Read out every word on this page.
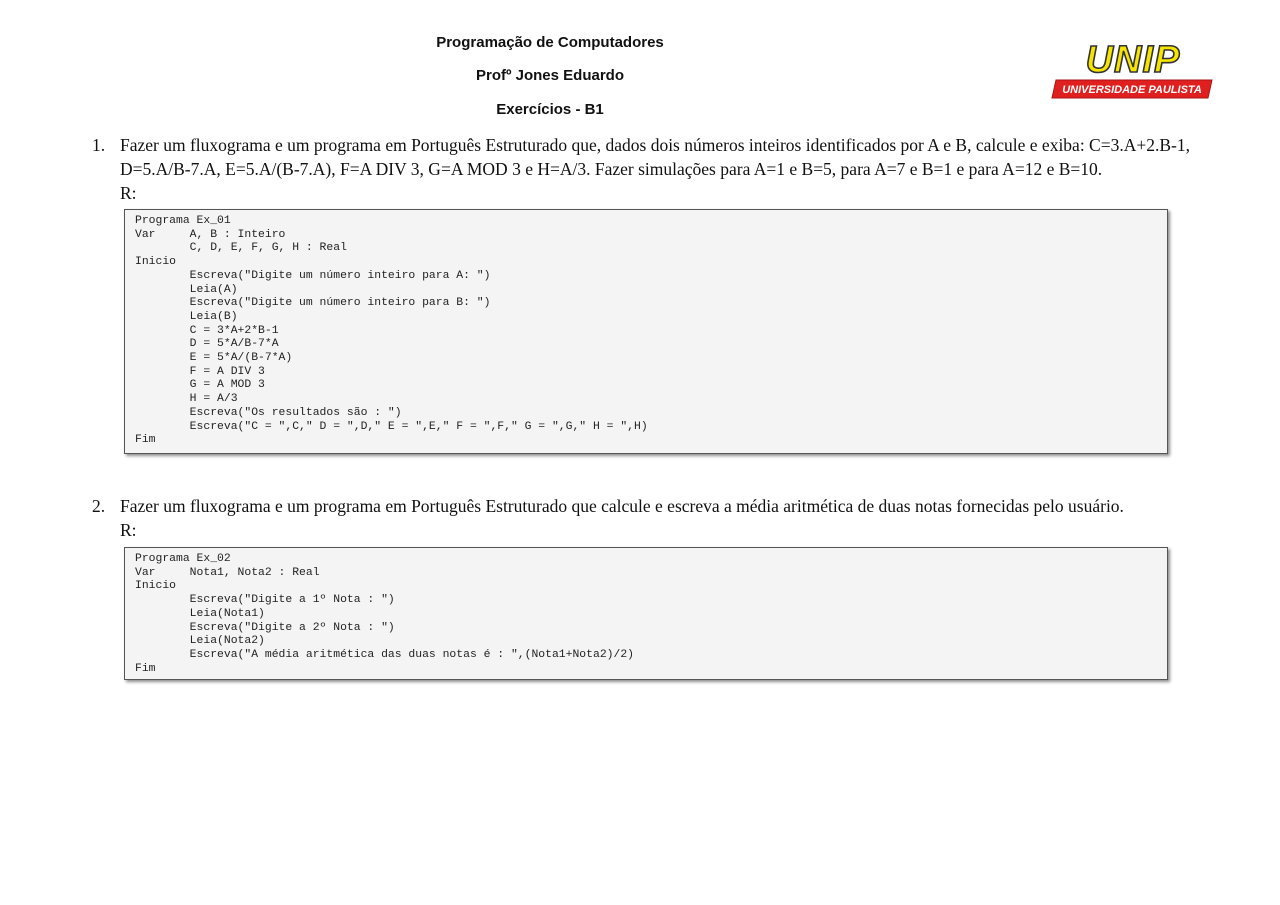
Programação de Computadores
Profº Jones Eduardo
Exercícios - B1
UNIP
UNIVERSIDADE PAULISTA
1. Fazer um fluxograma e um programa em Português Estruturado que, dados dois números inteiros identificados por A e B, calcule e exiba: C=3.A+2.B-1, D=5.A/B-7.A, E=5.A/(B-7.A), F=A DIV 3, G=A MOD 3 e H=A/3. Fazer simulações para A=1 e B=5, para A=7 e B=1 e para A=12 e B=10.
R:
Programa Ex_01
Var     A, B : Inteiro
C, D, E, F, G, H : Real
Inicio
Escreva("Digite um número inteiro para A: ")
Leia(A)
Escreva("Digite um número inteiro para B: ")
Leia(B)
C = 3*A+2*B-1
D = 5*A/B-7*A
E = 5*A/(B-7*A)
F = A DIV 3
G = A MOD 3
H = A/3
Escreva("Os resultados são : ")
Escreva("C = ",C," D = ",D," E = ",E," F = ",F," G = ",G," H = ",H)
Fim
2. Fazer um fluxograma e um programa em Português Estruturado que calcule e escreva a média aritmética de duas notas fornecidas pelo usuário.
R:
Programa Ex_02
Var     Nota1, Nota2 : Real
Inicio
Escreva("Digite a 1º Nota : ")
Leia(Nota1)
Escreva("Digite a 2º Nota : ")
Leia(Nota2)
Escreva("A média aritmética das duas notas é : ",(Nota1+Nota2)/2)
Fim
